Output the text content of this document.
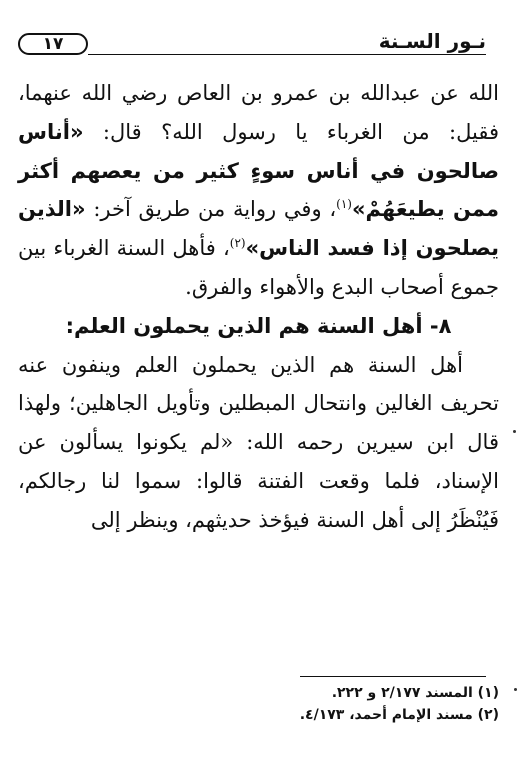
١٧	نـور السـنة

الله عن عبدالله بن عمرو بن العاص رضي الله عنهما، فقيل: من الغرباء يا رسول الله؟ قال: «أناس صالحون في أناس سوءٍ كثير من يعصهم أكثر ممن يطيعَهُمْ»$^{(١)}$، وفي رواية من طريق آخر: «الذين يصلحون إذا فسد الناس»$^{(٢)}$، فأهل السنة الغرباء بين جموع أصحاب البدع والأهواء والفرق.

٨- أهل السنة هم الذين يحملون العلم:

أهل السنة هم الذين يحملون العلم وينفون عنه تحريف الغالين وانتحال المبطلين وتأويل الجاهلين؛ ولهذا قال ابن سيرين رحمه الله: «لم يكونوا يسألون عن الإسناد، فلما وقعت الفتنة قالوا: سموا لنا رجالكم، فَيُنْظَرُ إلى أهل السنة فيؤخذ حديثهم، وينظر إلى

(١) المسند ٢/١٧٧ و ٢٢٢.
(٢) مسند الإمام أحمد، ٤/١٧٣.
